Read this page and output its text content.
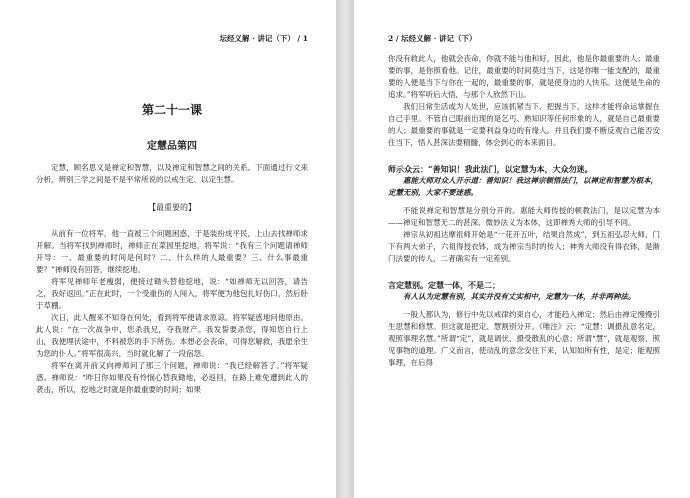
坛经义解 · 讲记（下） / 1
第二十一课
定慧品第四

定慧，顾名思义是禅定和智慧，以及禅定和智慧之间的关系。下面通过行文来分析，辨别三学之间是不是平常所说的以戒生定、以定生慧。

【最重要的】

从前有一位将军，他一直被三个问题困惑，于是装扮成平民，上山去找禅师求开解。当将军找到禅师时，禅师正在菜园里挖地，将军说：“我有三个问题请禅师开导：一、最重要的时间是何时？二、什么样的人最重要？三、什么事最重要？”禅师没有回答，继续挖地。

将军见禅师年老瘦弱，便接过锄头替他挖地，说：“如禅师无以回答，请告之，我好返回。”正在此时，一个受重伤的人闯入，将军便为他包扎好伤口，然后卧于草棚。

次日，此人醒来不知身在何处，看到将军便请求原谅。将军疑惑地问他原由。此人说：“在一次战争中，您杀我兄，夺我财产。我发誓要杀您，得知您自行上山，我便埋伏途中，不料被您的手下所伤。本想必会丧命，可得您解救，我愿余生为您的仆人。”将军很高兴，当时就化解了一段宿怨。

将军在离开前又向禅师问了那三个问题，禅师说：“我已经解答了。”将军疑惑。禅师说：“昨日你如果没有怜悯心替我锄地，必返回，在路上难免遭到此人的袭击，所以，挖地之时就是你最重要的时间；如果

2 / 坛经义解 · 讲记（下）

你没有救此人，他就会丧命，你就不能与他和好，因此，他是你最重要的人；最重要的事，是你照看他。记住，最重要的时间莫过当下，这是你唯一能支配的，最重要的人便是当下与你在一起的，最重要的事，就是使身边的人快乐。这便是生命的追求。”将军听后大悟，与那个人欣然下山。

我们日常生活或为人处世，应该抓紧当下、把握当下，这样才能将命运掌握在自己手里。不管自己眼前出现的是乞丐、熟知识等任何形象的人，就是自己最重要的人；最重要的事就是一定要利益身边的有缘人。并且我们要不断反观自己能否安住当下，悟入甚深法要精髓，体会到心的本来面目。

师示众云：“善知识！我此法门，以定慧为本，大众勿迷。
惠能大师对众人开示道：善知识！我这禅宗顿悟法门，以禅定和智慧为根本，定慧无别，大家不要迷惑。

不能说禅定和智慧是分别分开的。惠能大师传授的顿教法门，是以定慧为本——禅定和智慧无二的甚深、微妙法义为本体，这即禅秀大师的引导不同。

禅宗从初祖达摩祖师开始是“一花开五叶，结果自然成”，到五祖弘忍大师，门下有两大弟子，六祖得授衣钵，成为禅宗当时的传人；神秀大师没有得衣钵，是渐门法要的传人，二者确实有一定差别。

言定慧别。定慧一体，不是二；
有人认为定慧有别，其实并没有丈实相中，定慧为一体，并非两种法。

一般人都认为，修行中先以戒律约束自心，才能趋入禅定；然后由禅定慢慢引生思慧和修慧。但这就是把定、慧割别分开。《唯注》云：“定慧：调摄乱意名定，观照事理名慧。”所谓“定”，就是调伏、摄受散乱的心意；所谓“慧”，就是观察、照见事物的道理。广义而言，使动乱的意念安住下来，认知如所有性，是定；能观照事理，在后得
